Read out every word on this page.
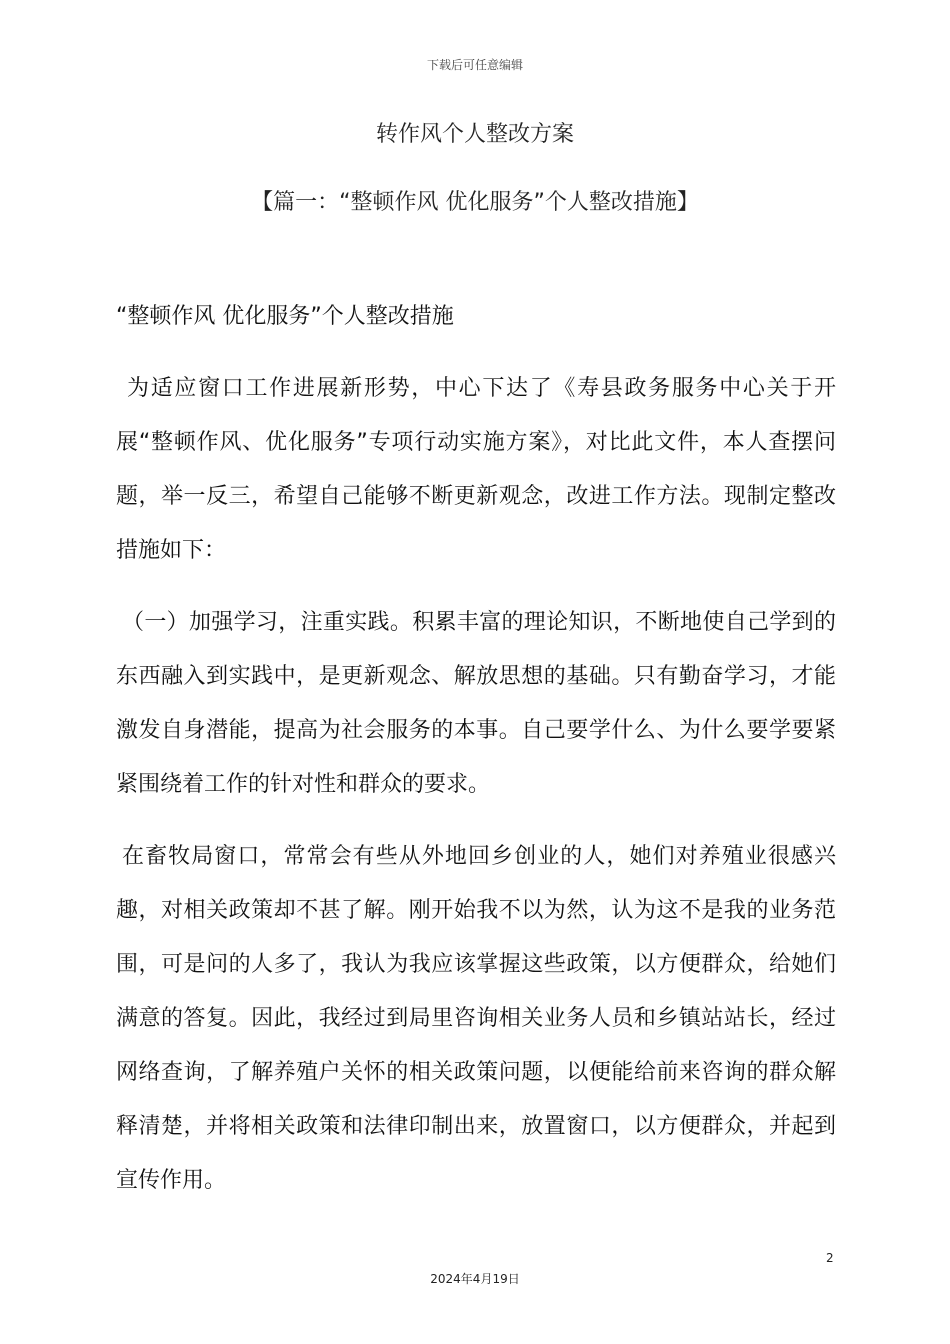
下载后可任意编辑
转作风个人整改方案
【篇一：“整顿作风 优化服务”个人整改措施】

“整顿作风 优化服务”个人整改措施

为适应窗口工作进展新形势，中心下达了《寿县政务服务中心关于开展“整顿作风、优化服务”专项行动实施方案》，对比此文件，本人查摆问题，举一反三，希望自己能够不断更新观念，改进工作方法。现制定整改措施如下：

（一）加强学习，注重实践。积累丰富的理论知识，不断地使自己学到的东西融入到实践中，是更新观念、解放思想的基础。只有勤奋学习，才能激发自身潜能，提高为社会服务的本事。自己要学什么、为什么要学要紧紧围绕着工作的针对性和群众的要求。

在畜牧局窗口，常常会有些从外地回乡创业的人，她们对养殖业很感兴趣，对相关政策却不甚了解。刚开始我不以为然，认为这不是我的业务范围，可是问的人多了，我认为我应该掌握这些政策，以方便群众，给她们满意的答复。因此，我经过到局里咨询相关业务人员和乡镇站站长，经过网络查询，了解养殖户关怀的相关政策问题，以便能给前来咨询的群众解释清楚，并将相关政策和法律印制出来，放置窗口，以方便群众，并起到宣传作用。

2
2024年4月19日
